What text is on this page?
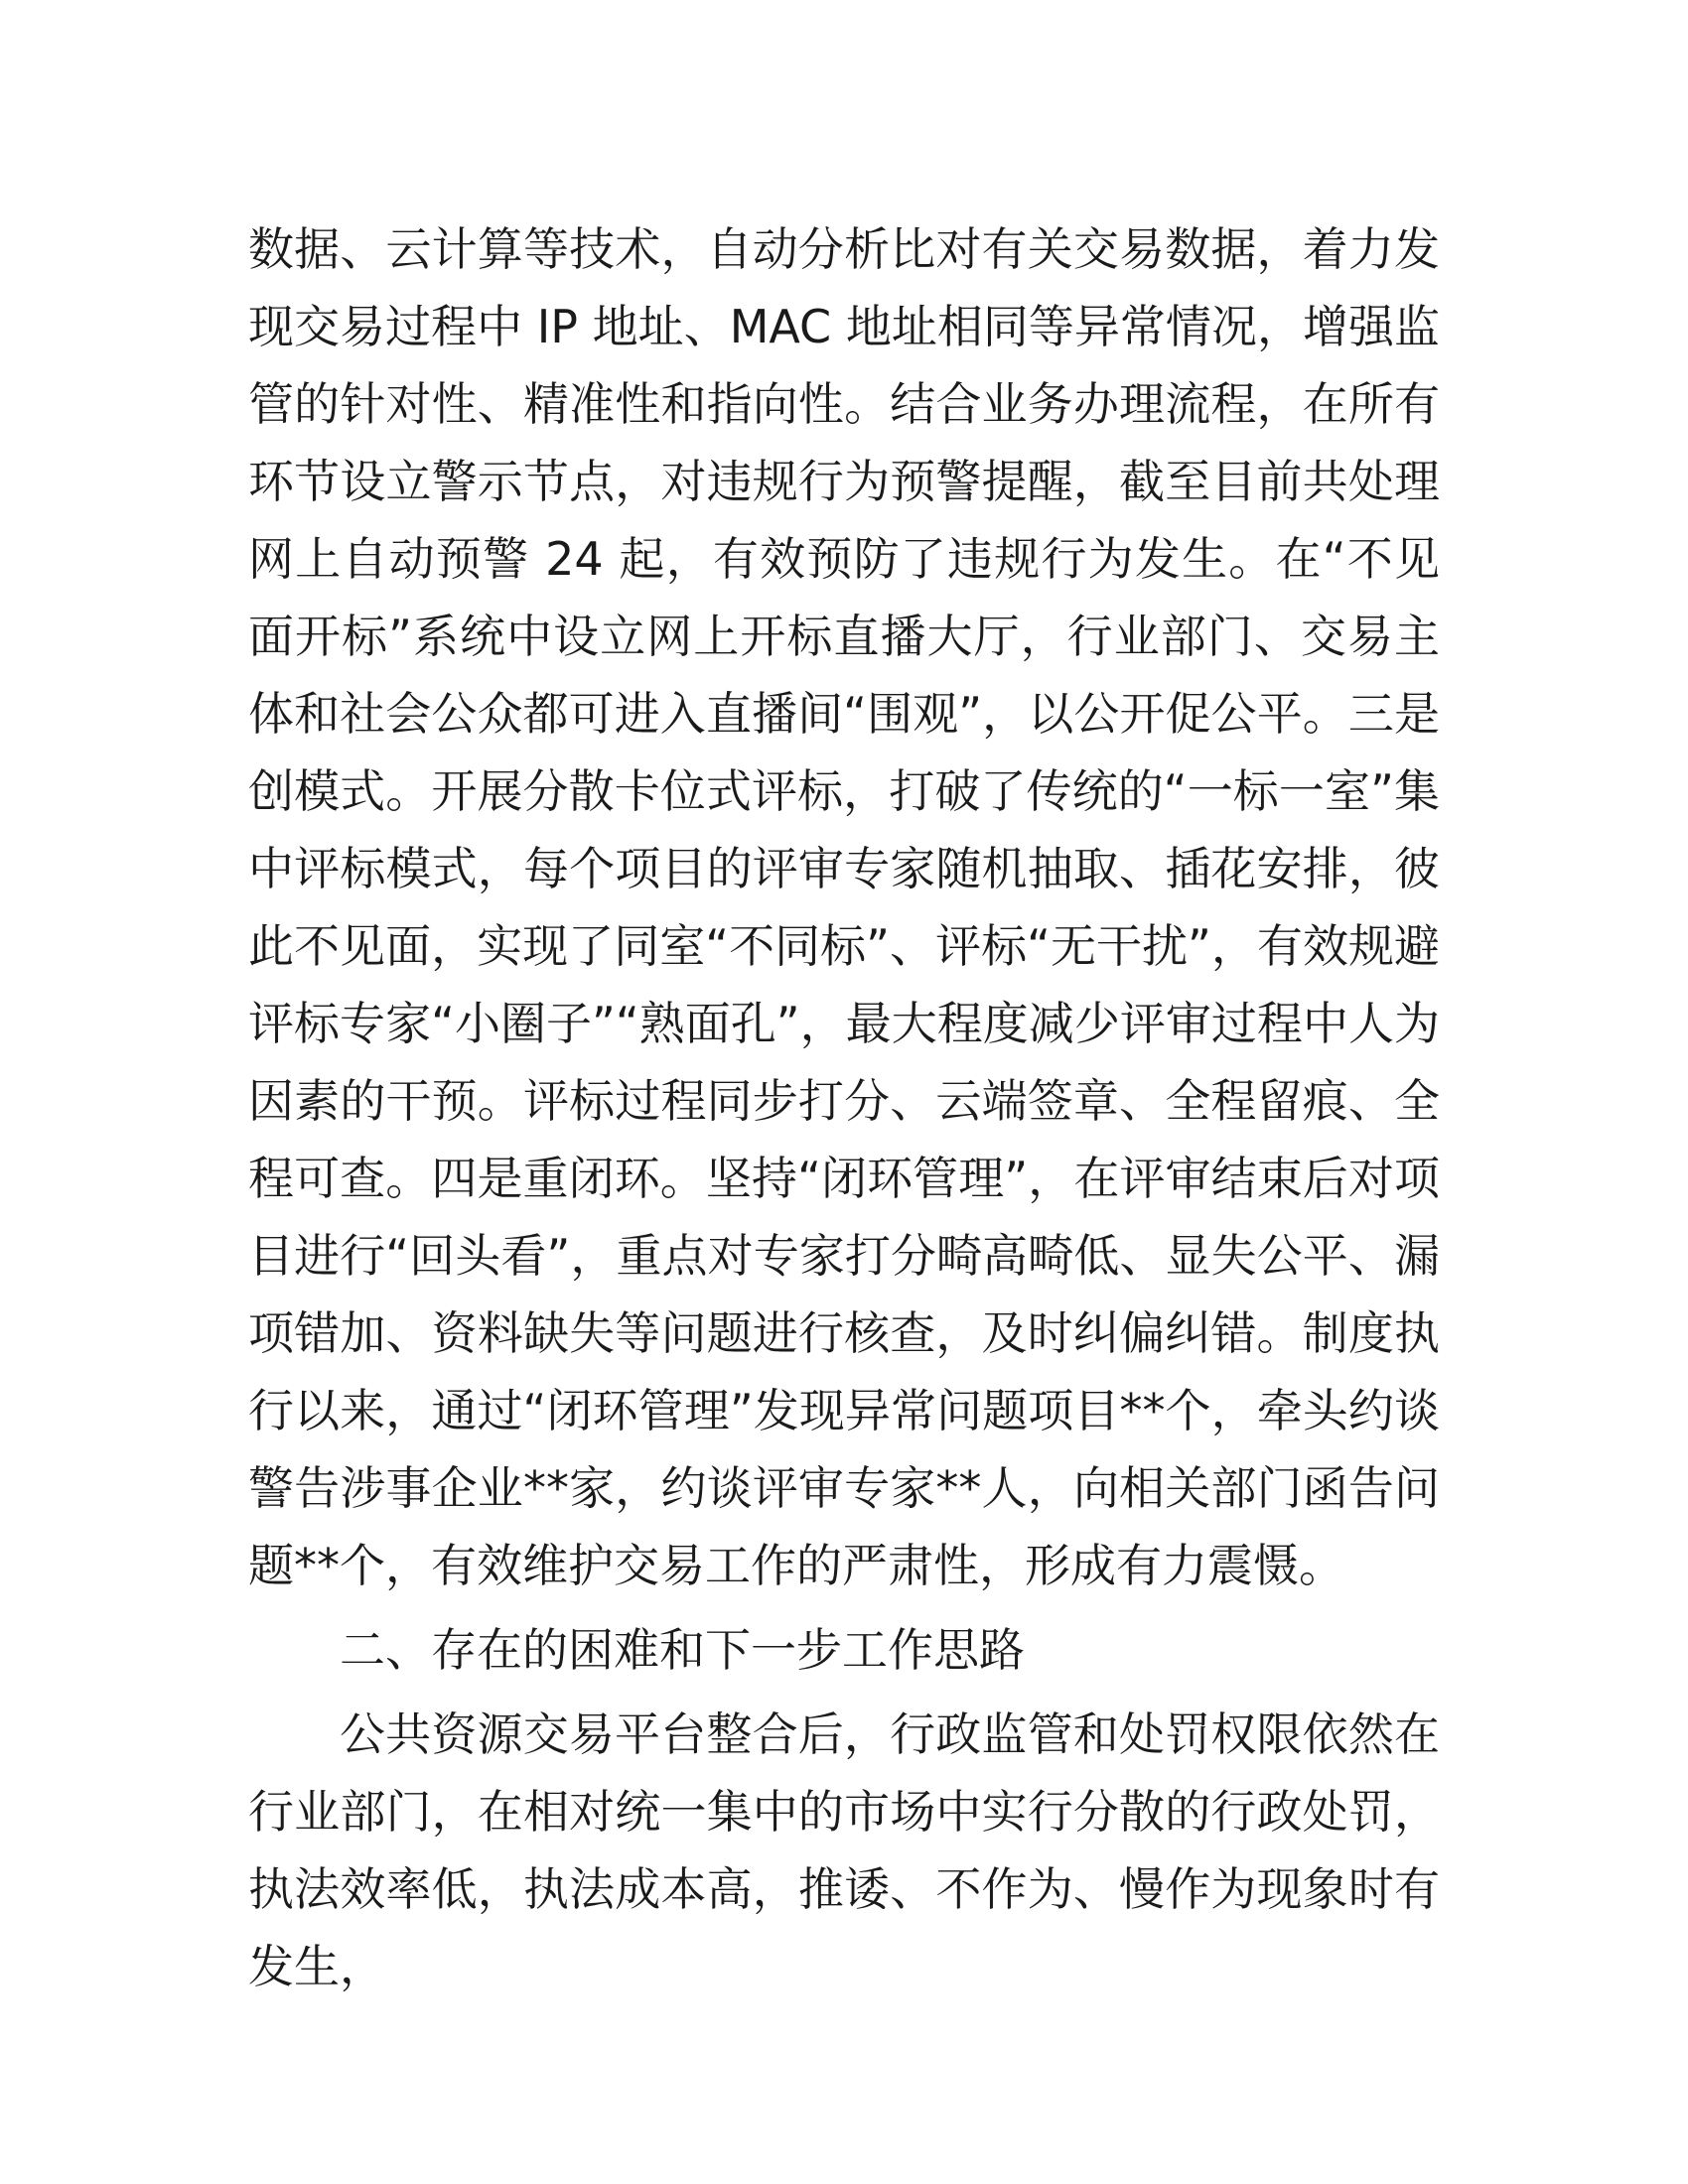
数据、云计算等技术，自动分析比对有关交易数据，着力发现交易过程中 IP 地址、MAC 地址相同等异常情况，增强监管的针对性、精准性和指向性。结合业务办理流程，在所有环节设立警示节点，对违规行为预警提醒，截至目前共处理网上自动预警 24 起，有效预防了违规行为发生。在“不见面开标”系统中设立网上开标直播大厅，行业部门、交易主体和社会公众都可进入直播间“围观”，以公开促公平。三是创模式。开展分散卡位式评标，打破了传统的“一标一室”集中评标模式，每个项目的评审专家随机抽取、插花安排，彼此不见面，实现了同室“不同标”、评标“无干扰”，有效规避评标专家“小圈子”“熟面孔”，最大程度减少评审过程中人为因素的干预。评标过程同步打分、云端签章、全程留痕、全程可查。四是重闭环。坚持“闭环管理”，在评审结束后对项目进行“回头看”，重点对专家打分畸高畸低、显失公平、漏项错加、资料缺失等问题进行核查，及时纠偏纠错。制度执行以来，通过“闭环管理”发现异常问题项目**个，牵头约谈警告涉事企业**家，约谈评审专家**人，向相关部门函告问题**个，有效维护交易工作的严肃性，形成有力震慑。

二、存在的困难和下一步工作思路

公共资源交易平台整合后，行政监管和处罚权限依然在行业部门，在相对统一集中的市场中实行分散的行政处罚，执法效率低，执法成本高，推诿、不作为、慢作为现象时有发生，
